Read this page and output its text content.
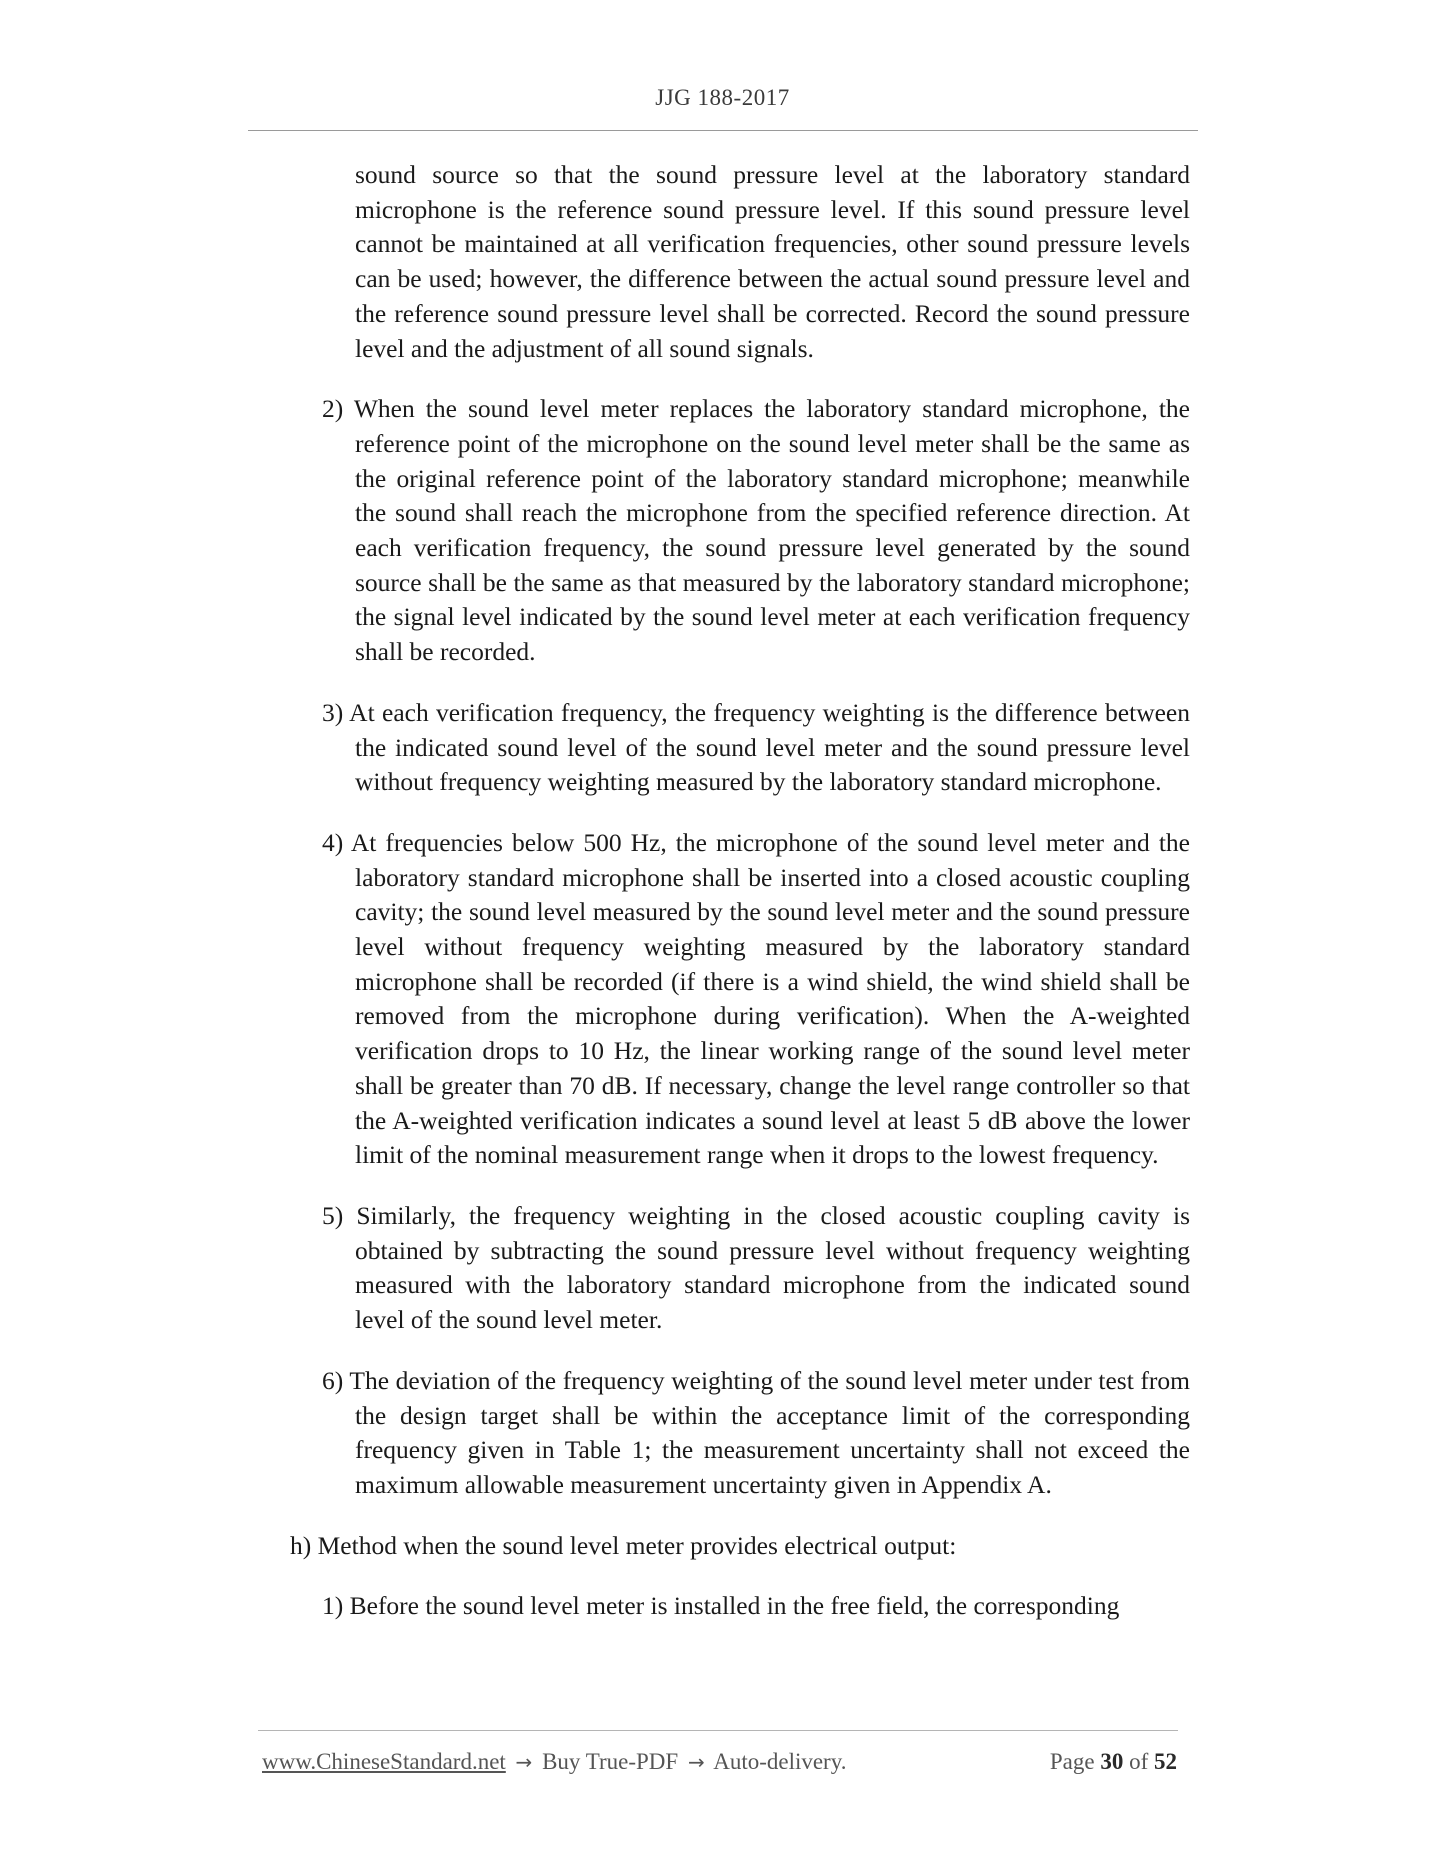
JJG 188-2017

sound source so that the sound pressure level at the laboratory standard microphone is the reference sound pressure level. If this sound pressure level cannot be maintained at all verification frequencies, other sound pressure levels can be used; however, the difference between the actual sound pressure level and the reference sound pressure level shall be corrected. Record the sound pressure level and the adjustment of all sound signals.

2) When the sound level meter replaces the laboratory standard microphone, the reference point of the microphone on the sound level meter shall be the same as the original reference point of the laboratory standard microphone; meanwhile the sound shall reach the microphone from the specified reference direction. At each verification frequency, the sound pressure level generated by the sound source shall be the same as that measured by the laboratory standard microphone; the signal level indicated by the sound level meter at each verification frequency shall be recorded.

3) At each verification frequency, the frequency weighting is the difference between the indicated sound level of the sound level meter and the sound pressure level without frequency weighting measured by the laboratory standard microphone.

4) At frequencies below 500 Hz, the microphone of the sound level meter and the laboratory standard microphone shall be inserted into a closed acoustic coupling cavity; the sound level measured by the sound level meter and the sound pressure level without frequency weighting measured by the laboratory standard microphone shall be recorded (if there is a wind shield, the wind shield shall be removed from the microphone during verification). When the A-weighted verification drops to 10 Hz, the linear working range of the sound level meter shall be greater than 70 dB. If necessary, change the level range controller so that the A-weighted verification indicates a sound level at least 5 dB above the lower limit of the nominal measurement range when it drops to the lowest frequency.

5) Similarly, the frequency weighting in the closed acoustic coupling cavity is obtained by subtracting the sound pressure level without frequency weighting measured with the laboratory standard microphone from the indicated sound level of the sound level meter.

6) The deviation of the frequency weighting of the sound level meter under test from the design target shall be within the acceptance limit of the corresponding frequency given in Table 1; the measurement uncertainty shall not exceed the maximum allowable measurement uncertainty given in Appendix A.

h) Method when the sound level meter provides electrical output:

1) Before the sound level meter is installed in the free field, the corresponding

www.ChineseStandard.net → Buy True-PDF → Auto-delivery.	Page 30 of 52
